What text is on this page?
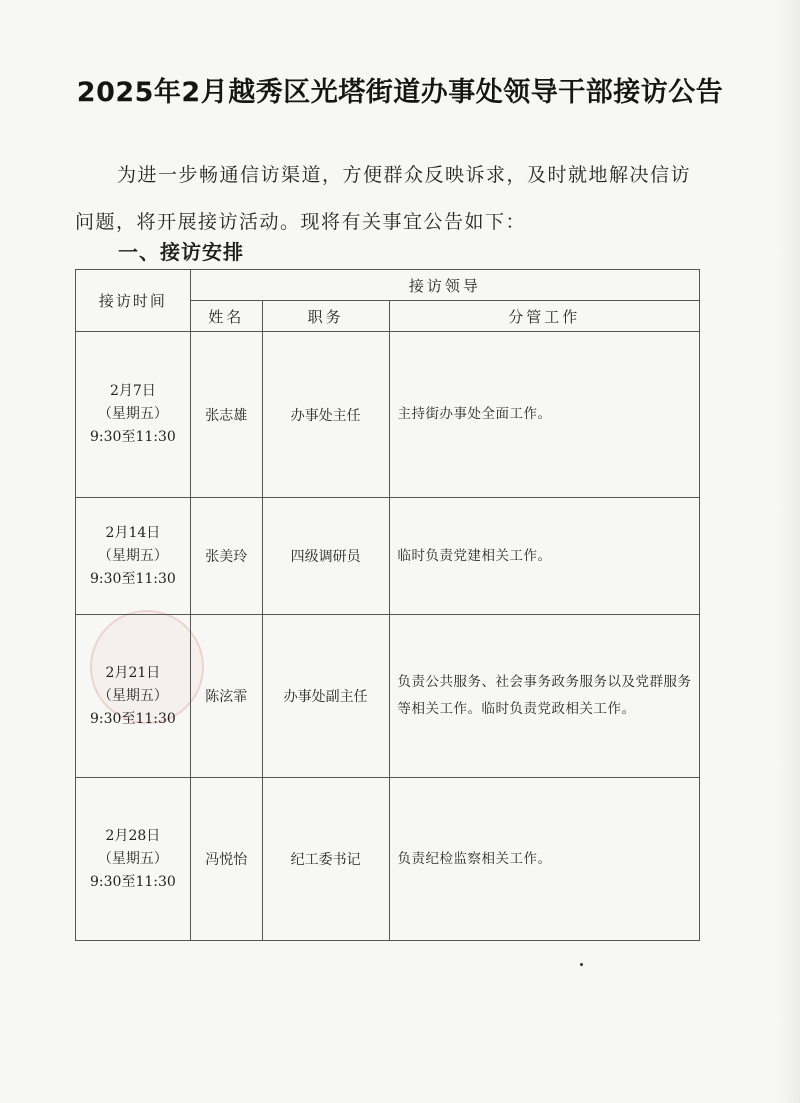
2025年2月越秀区光塔街道办事处领导干部接访公告
为进一步畅通信访渠道，方便群众反映诉求，及时就地解决信访问题，将开展接访活动。现将有关事宜公告如下：
一、接访安排
接访时间	接访领导		
	姓名	职务	分管工作

2月7日
（星期五）
9:30至11:30	张志雄	办事处主任	主持街办事处全面工作。

2月14日
（星期五）
9:30至11:30	张美玲	四级调研员	临时负责党建相关工作。

2月21日
（星期五）
9:30至11:30	陈泫霏	办事处副主任	负责公共服务、社会事务政务服务以及党群服务等相关工作。临时负责党政相关工作。

2月28日
（星期五）
9:30至11:30	冯悦怡	纪工委书记	负责纪检监察相关工作。
